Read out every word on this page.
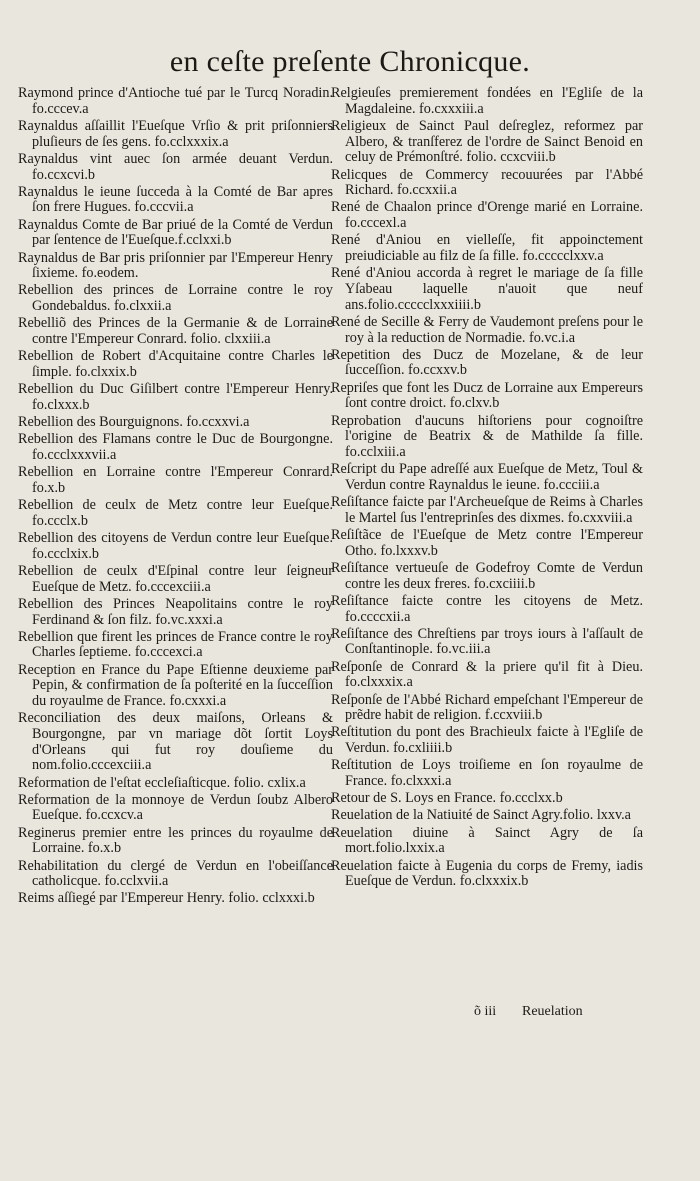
en ceſte preſente Chronicque.
Raymond prince d'Antioche tué par le Turcq Noradin. fo.cccev.a
Raynaldus aſſaillit l'Eueſque Vrſio & prit priſonniers pluſieurs de ſes gens. fo.cclxxxix.a
Raynaldus vint auec ſon armée deuant Verdun. fo.ccxcvi.b
Raynaldus le ieune ſucceda à la Comté de Bar apres ſon frere Hugues. fo.cccvii.a
Raynaldus Comte de Bar priué de la Comté de Verdun par ſentence de l'Eueſque.f.cclxxi.b
Raynaldus de Bar pris priſonnier par l'Empereur Henry ſixieme. fo.eodem.
Rebellion des princes de Lorraine contre le roy Gondebaldus. fo.clxxii.a
Rebelliõ des Princes de la Germanie & de Lorraine contre l'Empereur Conrard. folio. clxxiii.a
Rebellion de Robert d'Acquitaine contre Charles le ſimple. fo.clxxix.b
Rebellion du Duc Giſilbert contre l'Empereur Henry. fo.clxxx.b
Rebellion des Bourguignons. fo.ccxxvi.a
Rebellion des Flamans contre le Duc de Bourgongne. fo.ccclxxxvii.a
Rebellion en Lorraine contre l'Empereur Conrard. fo.x.b
Rebellion de ceulx de Metz contre leur Eueſque. fo.ccclx.b
Rebellion des citoyens de Verdun contre leur Eueſque. fo.ccclxix.b
Rebellion de ceulx d'Eſpinal contre leur ſeigneur Eueſque de Metz. fo.cccexciii.a
Rebellion des Princes Neapolitains contre le roy Ferdinand & ſon filz. fo.vc.xxxi.a
Rebellion que firent les princes de France contre le roy Charles ſeptieme. fo.cccexci.a
Reception en France du Pape Eſtienne deuxieme par Pepin, & confirmation de ſa poſterité en la ſucceſſion du royaulme de France. fo.cxxxi.a
Reconciliation des deux maiſons, Orleans & Bourgongne, par vn mariage dõt ſortit Loys d'Orleans qui fut roy douſieme du nom.folio.cccexciii.a
Reformation de l'eſtat eccleſiaſticque. folio. cxlix.a
Reformation de la monnoye de Verdun ſoubz Albero Eueſque. fo.ccxcv.a
Reginerus premier entre les princes du royaulme de Lorraine. fo.x.b
Rehabilitation du clergé de Verdun en l'obeiſſance catholicque. fo.cclxvii.a
Reims aſſiegé par l'Empereur Henry. folio. cclxxxi.b
Relgieuſes premierement fondées en l'Egliſe de la Magdaleine. fo.cxxxiii.a
Religieux de Sainct Paul deſreglez, reformez par Albero, & tranſferez de l'ordre de Sainct Benoid en celuy de Prémonſtré. folio. ccxcviii.b
Relicques de Commercy recouurées par l'Abbé Richard. fo.ccxxii.a
René de Chaalon prince d'Orenge marié en Lorraine. fo.cccexl.a
René d'Aniou en vielleſſe, fit appoinctement preiudiciable au filz de ſa fille. fo.ccccclxxv.a
René d'Aniou accorda à regret le mariage de ſa fille Yſabeau laquelle n'auoit que neuf ans.folio.ccccclxxxiiii.b
René de Secille & Ferry de Vaudemont preſens pour le roy à la reduction de Normadie. fo.vc.i.a
Repetition des Ducz de Mozelane, & de leur ſucceſſion. fo.ccxxv.b
Repriſes que font les Ducz de Lorraine aux Empereurs ſont contre droict. fo.clxv.b
Reprobation d'aucuns hiſtoriens pour cognoiſtre l'origine de Beatrix & de Mathilde ſa fille. fo.cclxiii.a
Reſcript du Pape adreſſé aux Eueſque de Metz, Toul & Verdun contre Raynaldus le ieune. fo.ccciii.a
Reſiſtance faicte par l'Archeueſque de Reims à Charles le Martel ſus l'entreprinſes des dixmes. fo.cxxviii.a
Reſiſtãce de l'Eueſque de Metz contre l'Empereur Otho. fo.lxxxv.b
Reſiſtance vertueuſe de Godefroy Comte de Verdun contre les deux freres. fo.cxciiii.b
Reſiſtance faicte contre les citoyens de Metz. fo.ccccxii.a
Reſiſtance des Chreſtiens par troys iours à l'aſſault de Conſtantinople. fo.vc.iii.a
Reſponſe de Conrard & la priere qu'il fit à Dieu. fo.clxxxix.a
Reſponſe de l'Abbé Richard empeſchant l'Empereur de prẽdre habit de religion. f.ccxviii.b
Reſtitution du pont des Brachieulx faicte à l'Egliſe de Verdun. fo.cxliiii.b
Reſtitution de Loys troiſieme en ſon royaulme de France. fo.clxxxi.a
Retour de S. Loys en France. fo.ccclxx.b
Reuelation de la Natiuité de Sainct Agry.folio. lxxv.a
Reuelation diuine à Sainct Agry de ſa mort.folio.lxxix.a
Reuelation faicte à Eugenia du corps de Fremy, iadis Eueſque de Verdun. fo.clxxxix.b
õ iii Reuelation
